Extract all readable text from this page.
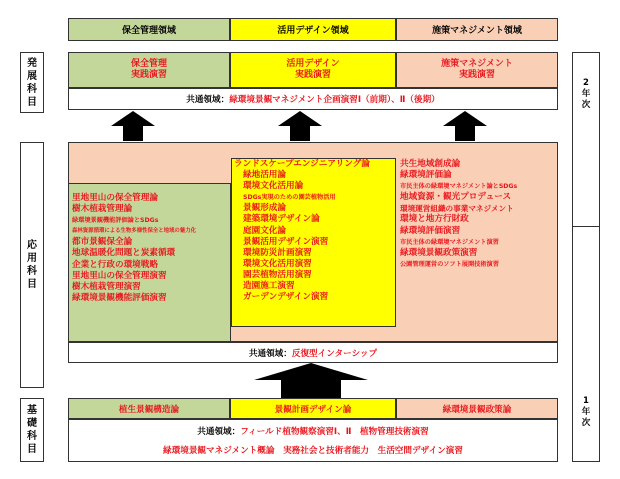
保全管理領域	活用デザイン領域	施策マネジメント領域
発
展
科
目
応
用
科
目
基
礎
科
目
2
年
次
1
年
次
保全管理
実践演習
活用デザイン
実践演習
施策マネジメント
実践演習
共通領域： 緑環境景観マネジメント企画演習Ⅰ（前期）、Ⅱ（後期）
ランドスケープエンジニアリング論
緑地活用論
環境文化活用論
SDGs実現のための園芸植物活用
景観形成論
建築環境デザイン論
庭園文化論
景観活用デザイン演習
環境防災計画演習
環境文化活用演習
園芸植物活用演習
造園施工演習
ガーデンデザイン演習
里地里山の保全管理論
樹木植栽管理論
緑環境景観機能評価論とSDGs
森林資源循環による生物多様性保全と地域の魅力化
都市景観保全論
地球温暖化問題と炭素循環
企業と行政の環境戦略
里地里山の保全管理演習
樹木植栽管理演習
緑環境景観機能評価演習
共生地域創成論
緑環境評価論
市民主体の緑環境マネジメント論とSDGs
地域資源・観光プロデュース
環境運営組織の事業マネジメント
環境と地方行財政
緑環境評価演習
市民主体の緑環境マネジメント演習
緑環境景観政策演習
公園管理運営のソフト展開技術演習
共通領域： 反復型インターシップ
植生景観構造論	景観計画デザイン論	緑環境景観政策論
共通領域： フィールド植物観察演習Ⅰ、Ⅱ　植物管理技術演習
緑環境景観マネジメント概論　実務社会と技術者能力　生活空間デザイン演習
